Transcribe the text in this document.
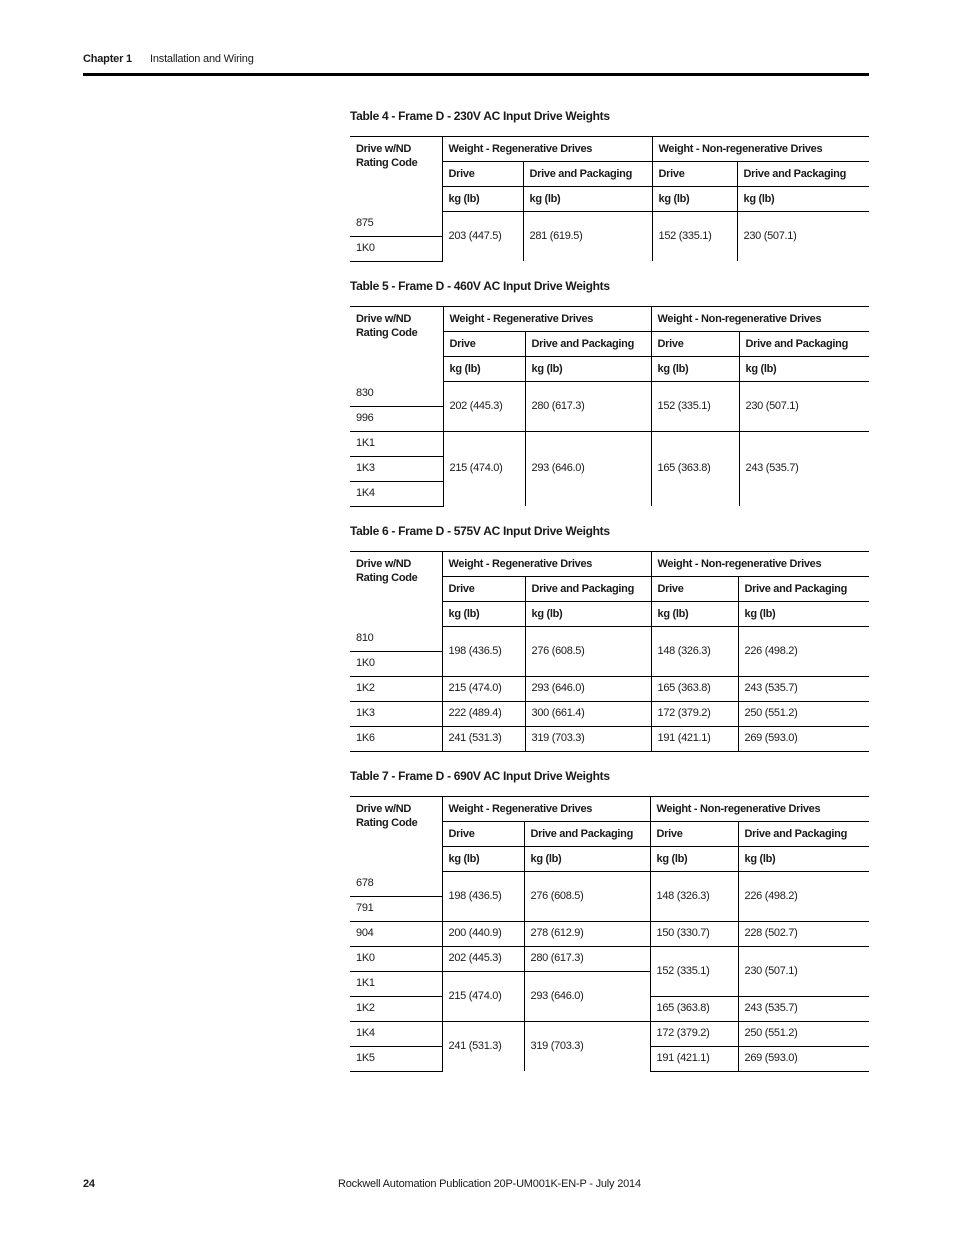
Chapter 1 Installation and Wiring
Table 4 - Frame D - 230V AC Input Drive Weights
Drive w/ND Rating Code	Weight - Regenerative Drives		Weight - Non-regenerative Drives	
	Drive	Drive and Packaging	Drive	Drive and Packaging
	kg (lb)	kg (lb)	kg (lb)	kg (lb)
875	203 (447.5)	281 (619.5)	152 (335.1)	230 (507.1)
1K0				
Table 5 - Frame D - 460V AC Input Drive Weights
Drive w/ND Rating Code	Weight - Regenerative Drives		Weight - Non-regenerative Drives	
	Drive	Drive and Packaging	Drive	Drive and Packaging
	kg (lb)	kg (lb)	kg (lb)	kg (lb)
830	202 (445.3)	280 (617.3)	152 (335.1)	230 (507.1)
996				
1K1	215 (474.0)	293 (646.0)	165 (363.8)	243 (535.7)
1K3				
1K4				
Table 6 - Frame D - 575V AC Input Drive Weights
Drive w/ND Rating Code	Weight - Regenerative Drives		Weight - Non-regenerative Drives	
	Drive	Drive and Packaging	Drive	Drive and Packaging
	kg (lb)	kg (lb)	kg (lb)	kg (lb)
810	198 (436.5)	276 (608.5)	148 (326.3)	226 (498.2)
1K0				
1K2	215 (474.0)	293 (646.0)	165 (363.8)	243 (535.7)
1K3	222 (489.4)	300 (661.4)	172 (379.2)	250 (551.2)
1K6	241 (531.3)	319 (703.3)	191 (421.1)	269 (593.0)
Table 7 - Frame D - 690V AC Input Drive Weights
Drive w/ND Rating Code	Weight - Regenerative Drives		Weight - Non-regenerative Drives	
	Drive	Drive and Packaging	Drive	Drive and Packaging
	kg (lb)	kg (lb)	kg (lb)	kg (lb)
678	198 (436.5)	276 (608.5)	148 (326.3)	226 (498.2)
791				
904	200 (440.9)	278 (612.9)	150 (330.7)	228 (502.7)
1K0	202 (445.3)	280 (617.3)	152 (335.1)	230 (507.1)
1K1	215 (474.0)	293 (646.0)		
1K2			165 (363.8)	243 (535.7)
1K4	241 (531.3)	319 (703.3)	172 (379.2)	250 (551.2)
1K5			191 (421.1)	269 (593.0)
24	Rockwell Automation Publication 20P-UM001K-EN-P - July 2014
